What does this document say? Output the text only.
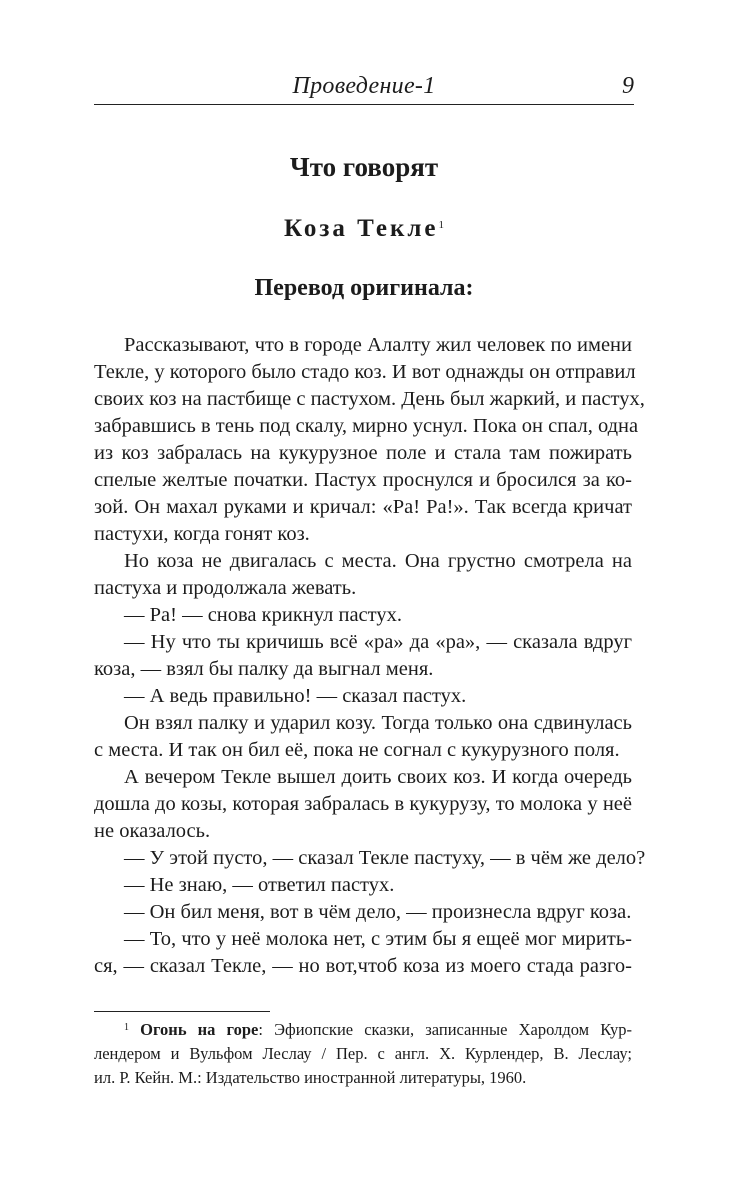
Проведение-1	9
Что говорят
Коза Текле$^1$
Перевод оригинала:

Рассказывают, что в городе Алалту жил человек по имени
Текле, у которого было стадо коз. И вот однажды он отправил
своих коз на пастбище с пастухом. День был жаркий, и пастух,
забравшись в тень под скалу, мирно уснул. Пока он спал, одна
из коз забралась на кукурузное поле и стала там пожирать
спелые желтые початки. Пастух проснулся и бросился за ко-
зой. Он махал руками и кричал: «Ра! Ра!». Так всегда кричат
пастухи, когда гонят коз.

Но коза не двигалась с места. Она грустно смотрела на
пастуха и продолжала жевать.

— Ра! — снова крикнул пастух.

— Ну что ты кричишь всё «ра» да «ра», — сказала вдруг
коза, — взял бы палку да выгнал меня.

— А ведь правильно! — сказал пастух.

Он взял палку и ударил козу. Тогда только она сдвинулась
с места. И так он бил её, пока не согнал с кукурузного поля.

А вечером Текле вышел доить своих коз. И когда очередь
дошла до козы, которая забралась в кукурузу, то молока у неё
не оказалось.

— У этой пусто, — сказал Текле пастуху, — в чём же дело?

— Не знаю, — ответил пастух.

— Он бил меня, вот в чём дело, — произнесла вдруг коза.

— То, что у неё молока нет, с этим бы я ещеё мог мирить-
ся, — сказал Текле, — но вот,чтоб коза из моего стада разго-

$^1$ Огонь на горе: Эфиопские сказки, записанные Харолдом Кур-
лендером и Вульфом Леслау / Пер. с англ. Х. Курлендер, В. Леслау;
ил. Р. Кейн. М.: Издательство иностранной литературы, 1960.
